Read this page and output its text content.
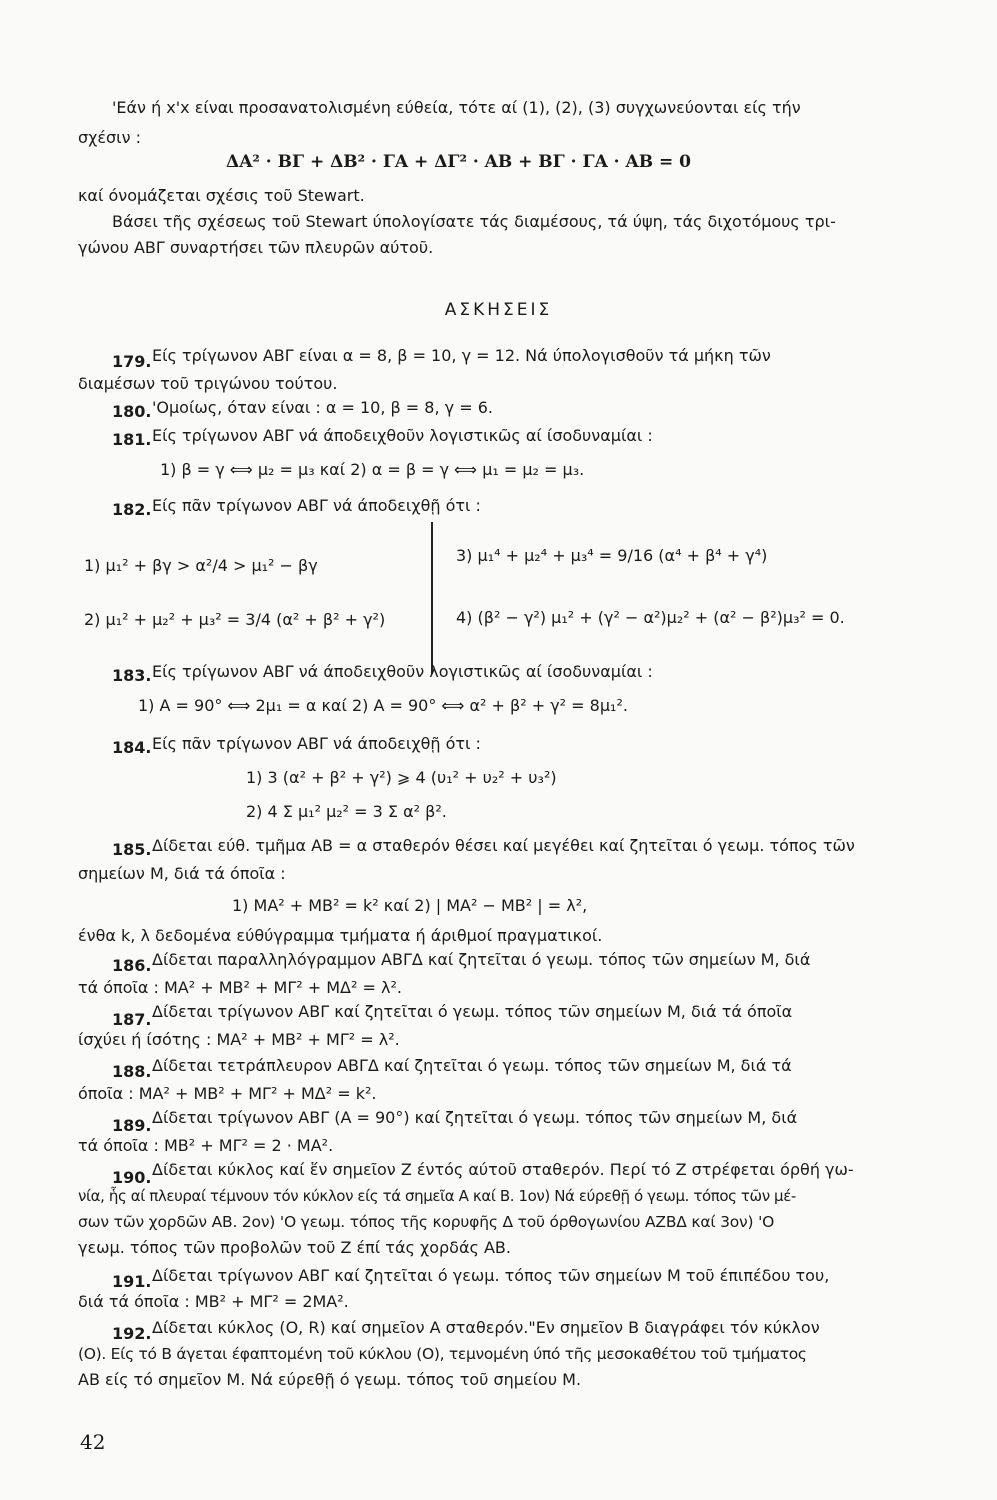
'Εάν ή x'x είναι προσανατολισμένη εύθεία, τότε αί (1), (2), (3) συγχωνεύονται είς τήν
σχέσιν :
ΔΑ² · ΒΓ + ΔΒ² · ΓΑ + ΔΓ² · ΑΒ + ΒΓ · ΓΑ · ΑΒ = 0
καί όνομάζεται σχέσις τοῦ Stewart.
Βάσει τῆς σχέσεως τοῦ Stewart ύπολογίσατε τάς διαμέσους, τά ύψη, τάς διχοτόμους τρι-
γώνου ΑΒΓ συναρτήσει τῶν πλευρῶν αύτοῦ.
ΑΣΚΗΣΕΙΣ
179. Είς τρίγωνον ΑΒΓ είναι α = 8, β = 10, γ = 12. Νά ύπολογισθοῦν τά μήκη τῶν
διαμέσων τοῦ τριγώνου τούτου.
180. 'Ομοίως, όταν είναι : α = 10, β = 8, γ = 6.
181. Είς τρίγωνον ΑΒΓ νά άποδειχθοῦν λογιστικῶς αί ίσοδυναμίαι :
1) β = γ ⟺ μ₂ = μ₃ καί 2) α = β = γ ⟺ μ₁ = μ₂ = μ₃.
182. Είς πᾶν τρίγωνον ΑΒΓ νά άποδειχθῇ ότι :
1) μ₁² + βγ > α²/4 > μ₁² − βγ
2) μ₁² + μ₂² + μ₃² = 3/4 (α² + β² + γ²)
3) μ₁⁴ + μ₂⁴ + μ₃⁴ = 9/16 (α⁴ + β⁴ + γ⁴)
4) (β² − γ²) μ₁² + (γ² − α²)μ₂² + (α² − β²)μ₃² = 0.
183. Είς τρίγωνον ΑΒΓ νά άποδειχθοῦν λογιστικῶς αί ίσοδυναμίαι :
1) Α = 90° ⟺ 2μ₁ = α καί 2) Α = 90° ⟺ α² + β² + γ² = 8μ₁².
184. Είς πᾶν τρίγωνον ΑΒΓ νά άποδειχθῇ ότι :
1) 3 (α² + β² + γ²) ⩾ 4 (υ₁² + υ₂² + υ₃²)
2) 4 Σ μ₁² μ₂² = 3 Σ α² β².
185. Δίδεται εύθ. τμῆμα ΑΒ = α σταθερόν θέσει καί μεγέθει καί ζητεῖται ό γεωμ. τόπος τῶν
σημείων Μ, διά τά όποῖα :
1) ΜΑ² + ΜΒ² = k² καί 2) | ΜΑ² − ΜΒ² | = λ²,
ένθα k, λ δεδομένα εύθύγραμμα τμήματα ή άριθμοί πραγματικοί.
186. Δίδεται παραλληλόγραμμον ΑΒΓΔ καί ζητεῖται ό γεωμ. τόπος τῶν σημείων Μ, διά
τά όποῖα : ΜΑ² + ΜΒ² + ΜΓ² + ΜΔ² = λ².
187. Δίδεται τρίγωνον ΑΒΓ καί ζητεῖται ό γεωμ. τόπος τῶν σημείων Μ, διά τά όποῖα
ίσχύει ή ίσότης : ΜΑ² + ΜΒ² + ΜΓ² = λ².
188. Δίδεται τετράπλευρον ΑΒΓΔ καί ζητεῖται ό γεωμ. τόπος τῶν σημείων Μ, διά τά
όποῖα : ΜΑ² + ΜΒ² + ΜΓ² + ΜΔ² = k².
189. Δίδεται τρίγωνον ΑΒΓ (Α = 90°) καί ζητεῖται ό γεωμ. τόπος τῶν σημείων Μ, διά
τά όποῖα : ΜΒ² + ΜΓ² = 2 · ΜΑ².
190. Δίδεται κύκλος καί ἕν σημεῖον Ζ έντός αύτοῦ σταθερόν. Περί τό Ζ στρέφεται όρθή γω-
νία, ἧς αί πλευραί τέμνουν τόν κύκλον είς τά σημεῖα Α καί Β. 1ον) Νά εύρεθῇ ό γεωμ. τόπος τῶν μέ-
σων τῶν χορδῶν ΑΒ. 2ον) 'Ο γεωμ. τόπος τῆς κορυφῆς Δ τοῦ όρθογωνίου ΑΖΒΔ καί 3ον) 'Ο
γεωμ. τόπος τῶν προβολῶν τοῦ Ζ έπί τάς χορδάς ΑΒ.
191. Δίδεται τρίγωνον ΑΒΓ καί ζητεῖται ό γεωμ. τόπος τῶν σημείων Μ τοῦ έπιπέδου του,
διά τά όποῖα : ΜΒ² + ΜΓ² = 2ΜΑ².
192. Δίδεται κύκλος (Ο, R) καί σημεῖον Α σταθερόν."Εν σημεῖον Β διαγράφει τόν κύκλον
(Ο). Είς τό Β άγεται έφαπτομένη τοῦ κύκλου (Ο), τεμνομένη ύπό τῆς μεσοκαθέτου τοῦ τμήματος
ΑΒ είς τό σημεῖον Μ. Νά εύρεθῇ ό γεωμ. τόπος τοῦ σημείου Μ.
42
